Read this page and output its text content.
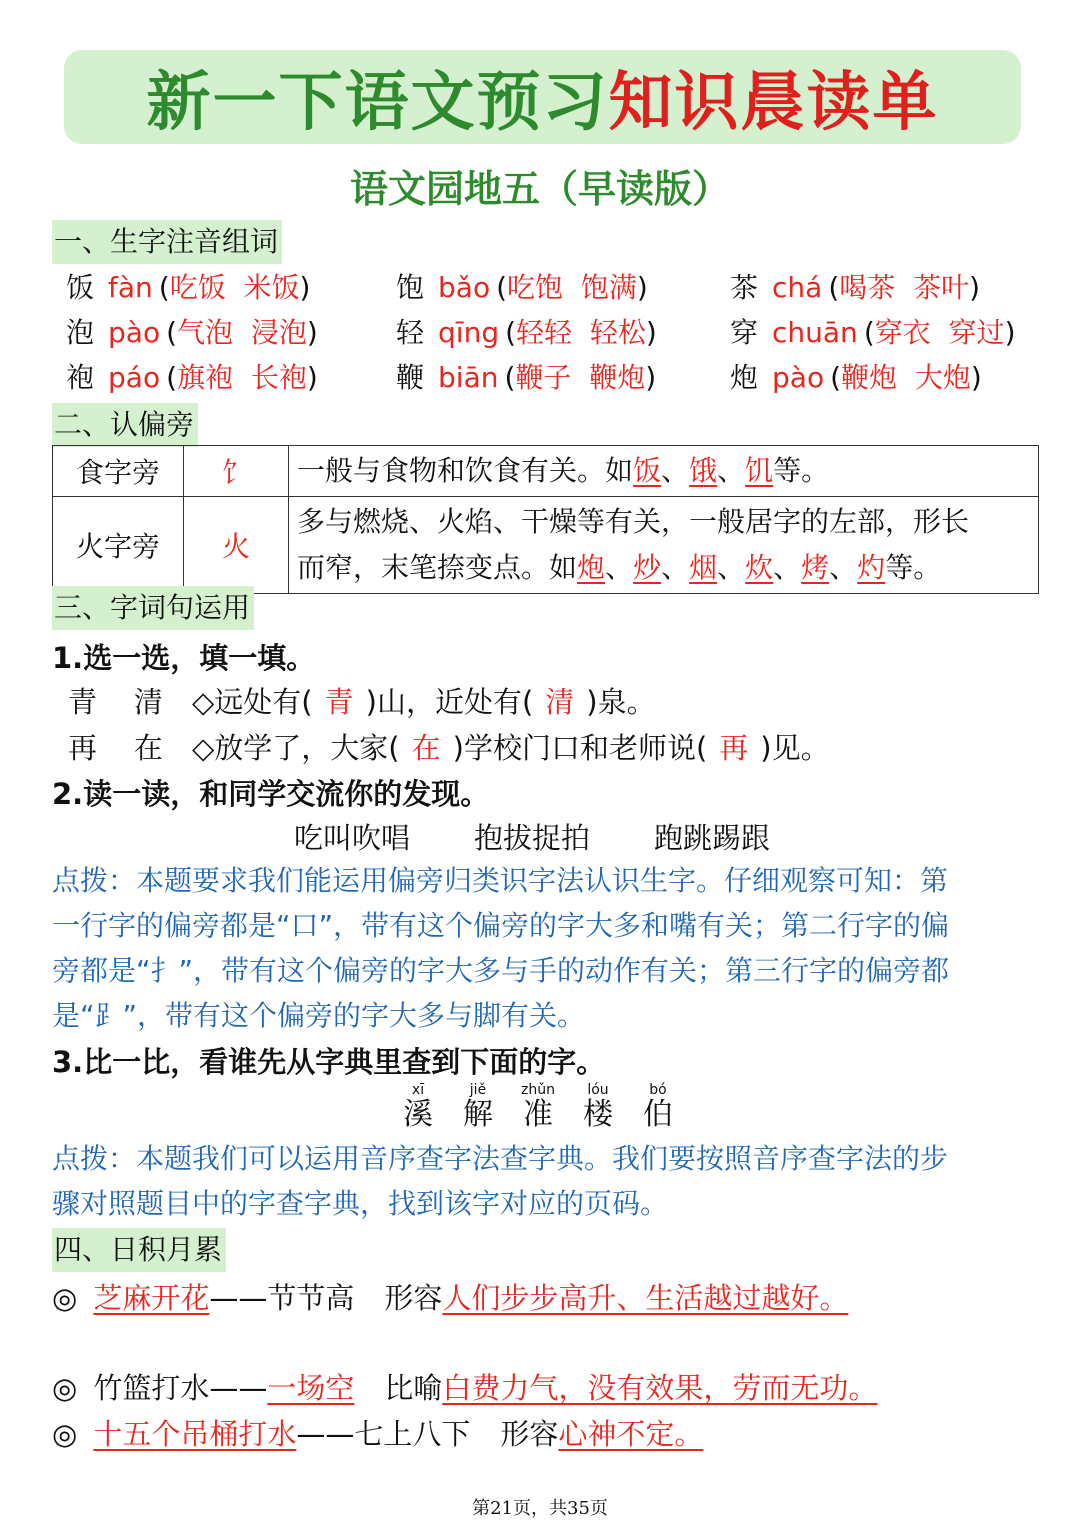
新一下语文预习 知识晨读单
语文园地五（早读版）
一、生字注音组词
饭 fàn (吃饭  米饭)	饱 bǎo (吃饱  饱满)	茶 chá (喝茶  茶叶)
泡 pào (气泡  浸泡)	轻 qīng (轻轻  轻松)	穿 chuān (穿衣  穿过)
袍 páo (旗袍  长袍)	鞭 biān (鞭子  鞭炮)	炮 pào (鞭炮  大炮)
二、认偏旁
食字旁	饣	一般与食物和饮食有关。如饭、饿、饥等。
火字旁	火	多与燃烧、火焰、干燥等有关，一般居字的左部，形长
而窄，末笔捺变点。如炮、炒、烟、炊、烤、灼等。
三、字词句运用
1.选一选，填一填。
青    清 ◇远处有( 青 )山，近处有( 清 )泉。
再    在 ◇放学了，大家( 在 )学校门口和老师说( 再 )见。
2.读一读，和同学交流你的发现。
吃叫吹唱 抱拔捉拍 跑跳踢跟
点拨：本题要求我们能运用偏旁归类识字法认识生字。仔细观察可知：第
一行字的偏旁都是“口”，带有这个偏旁的字大多和嘴有关；第二行字的偏
旁都是“扌”，带有这个偏旁的字大多与手的动作有关；第三行字的偏旁都
是“⻊”，带有这个偏旁的字大多与脚有关。
3.比一比，看谁先从字典里查到下面的字。
xī
溪
jiě
解
zhǔn
准
lóu
楼
bó
伯
点拨：本题我们可以运用音序查字法查字典。我们要按照音序查字法的步
骤对照题目中的字查字典，找到该字对应的页码。
四、日积月累
◎ 芝麻开花——节节高 形容人们步步高升、生活越过越好。
◎ 竹篮打水——一场空 比喻白费力气，没有效果，劳而无功。
◎ 十五个吊桶打水——七上八下 形容心神不定。
第21页，共35页
